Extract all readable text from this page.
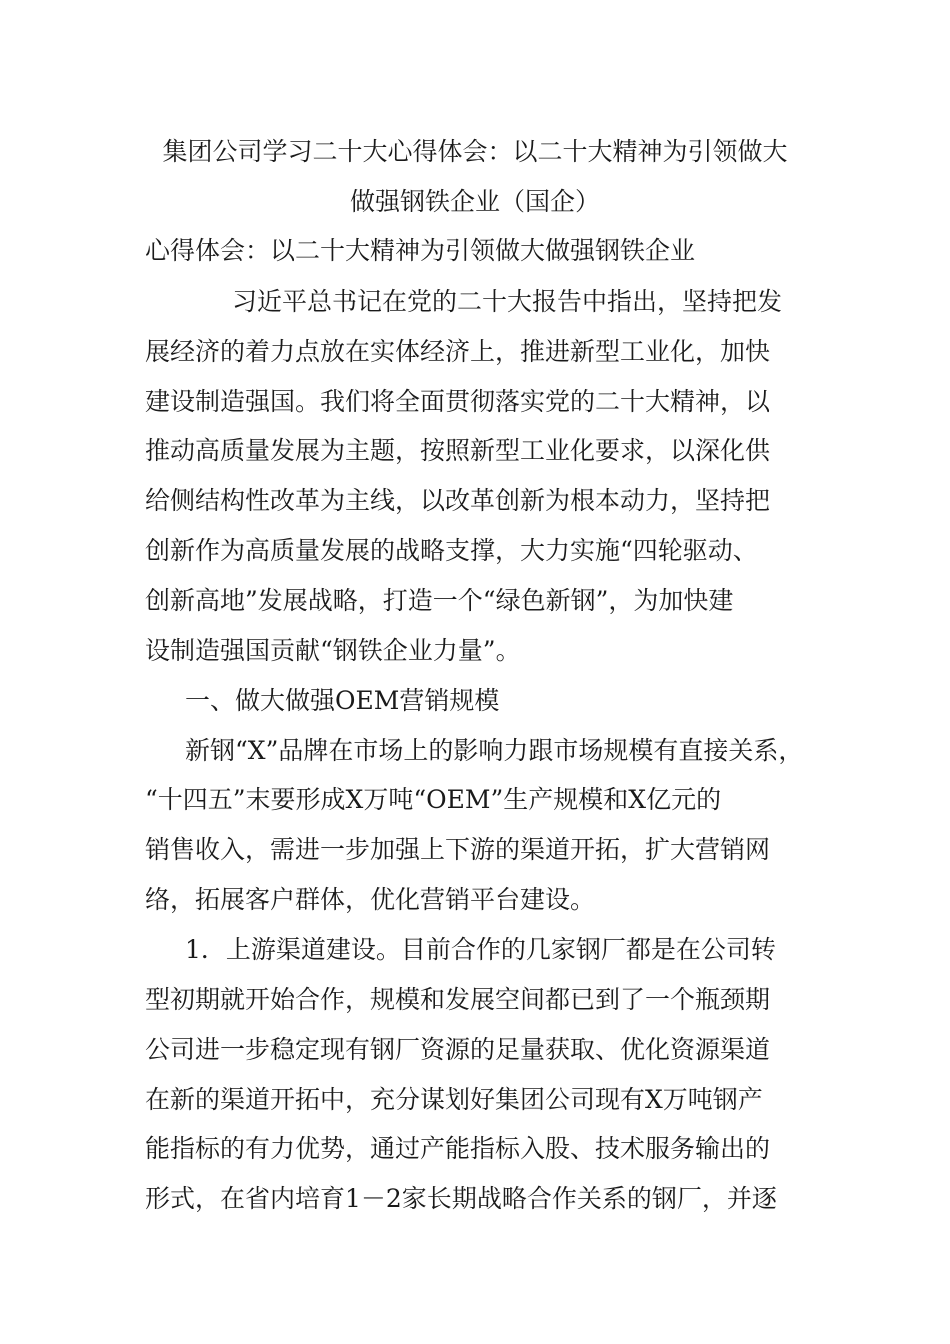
集团公司学习二十大心得体会：以二十大精神为引领做大
做强钢铁企业（国企）
心得体会：以二十大精神为引领做大做强钢铁企业
习近平总书记在党的二十大报告中指出，坚持把发
展经济的着力点放在实体经济上，推进新型工业化，加快
建设制造强国。我们将全面贯彻落实党的二十大精神，以
推动高质量发展为主题，按照新型工业化要求，以深化供
给侧结构性改革为主线，以改革创新为根本动力，坚持把
创新作为高质量发展的战略支撑，大力实施“四轮驱动、
创新高地”发展战略，打造一个“绿色新钢”，为加快建
设制造强国贡献“钢铁企业力量”。
一、做大做强OEM营销规模
新钢“X”品牌在市场上的影响力跟市场规模有直接关系，
“十四五”末要形成X万吨“OEM”生产规模和X亿元的
销售收入，需进一步加强上下游的渠道开拓，扩大营销网
络，拓展客户群体，优化营销平台建设。
1．上游渠道建设。目前合作的几家钢厂都是在公司转
型初期就开始合作，规模和发展空间都已到了一个瓶颈期
公司进一步稳定现有钢厂资源的足量获取、优化资源渠道
在新的渠道开拓中，充分谋划好集团公司现有X万吨钢产
能指标的有力优势，通过产能指标入股、技术服务输出的
形式，在省内培育1－2家长期战略合作关系的钢厂，并逐
